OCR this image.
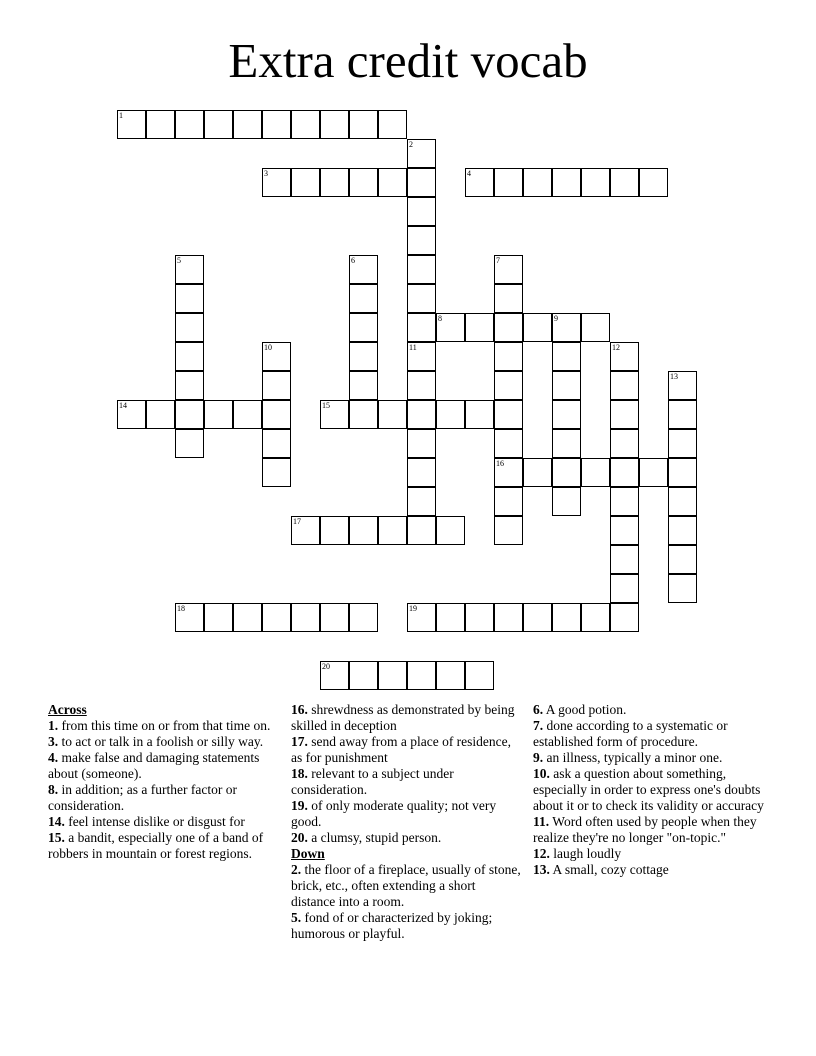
Extra credit vocab
1
2
3	4
5	6	7
16
8	9
10	11	12
13
14	15
17
18	19
20
Across
1. from this time on or from that time on.
3. to act or talk in a foolish or silly way.
4. make false and damaging statements about (someone).
8. in addition; as a further factor or consideration.
14. feel intense dislike or disgust for
15. a bandit, especially one of a band of robbers in mountain or forest regions.
16. shrewdness as demonstrated by being skilled in deception
17. send away from a place of residence, as for punishment
18. relevant to a subject under consideration.
19. of only moderate quality; not very good.
20. a clumsy, stupid person.
Down
2. the floor of a fireplace, usually of stone, brick, etc., often extending a short distance into a room.
5. fond of or characterized by joking; humorous or playful.
6. A good potion.
7. done according to a systematic or established form of procedure.
9. an illness, typically a minor one.
10. ask a question about something, especially in order to express one's doubts about it or to check its validity or accuracy
11. Word often used by people when they realize they're no longer "on-topic."
12. laugh loudly
13. A small, cozy cottage
